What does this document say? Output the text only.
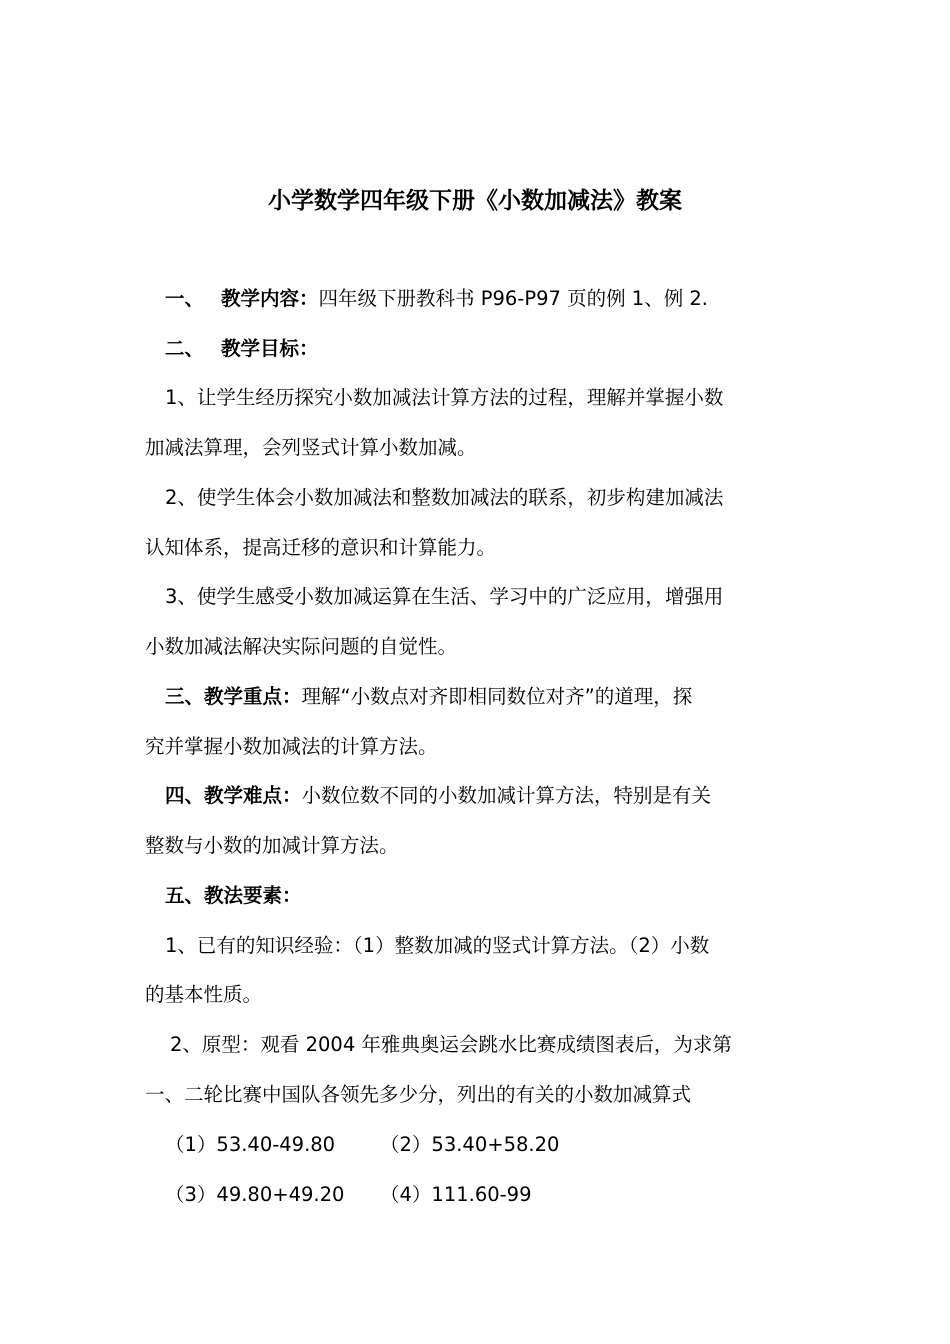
小学数学四年级下册《小数加减法》教案
一、 教学内容：四年级下册教科书 P96-P97 页的例 1、例 2.
二、 教学目标：
1、让学生经历探究小数加减法计算方法的过程，理解并掌握小数
加减法算理，会列竖式计算小数加减。
2、使学生体会小数加减法和整数加减法的联系，初步构建加减法
认知体系，提高迁移的意识和计算能力。
3、使学生感受小数加减运算在生活、学习中的广泛应用，增强用
小数加减法解决实际问题的自觉性。
三、教学重点：理解“小数点对齐即相同数位对齐”的道理，探
究并掌握小数加减法的计算方法。
四、教学难点：小数位数不同的小数加减计算方法，特别是有关
整数与小数的加减计算方法。
五、教法要素：
1、已有的知识经验：（1）整数加减的竖式计算方法。（2）小数
的基本性质。
2、原型：观看 2004 年雅典奥运会跳水比赛成绩图表后，为求第
一、二轮比赛中国队各领先多少分，列出的有关的小数加减算式
（1）53.40-49.80 （2）53.40+58.20
（3）49.80+49.20 （4）111.60-99
